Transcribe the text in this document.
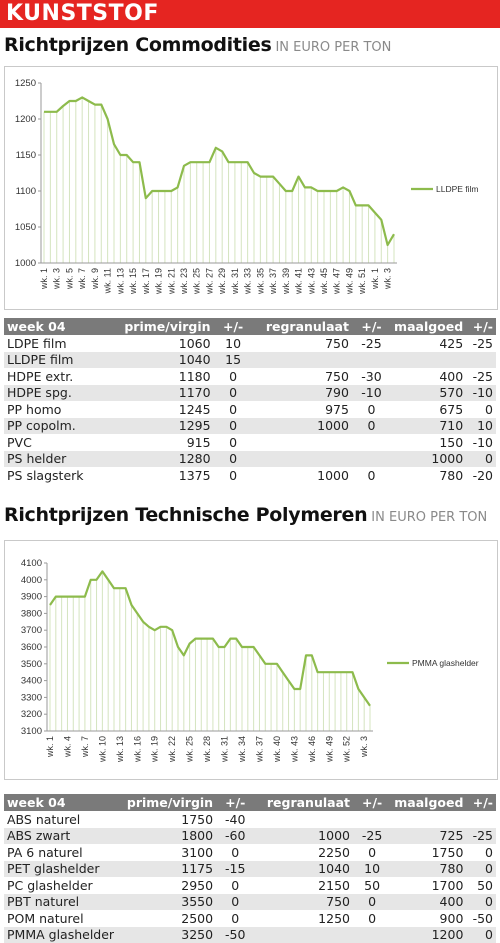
KUNSTSTOF
Richtprijzen Commodities IN EURO PER TON
1000
1050
1100
1150
1200
1250
wk. 1 wk. 3 wk. 5 wk. 7 wk. 9 wk. 11 wk. 13 wk. 15 wk. 17 wk. 19 wk. 21 wk. 23 wk. 25 wk. 27 wk. 29 wk. 31 wk. 33 wk. 35 wk. 37 wk. 39 wk. 41 wk. 43 wk. 45 wk. 47 wk. 49 wk. 51 wk. 1 wk. 3
LLDPE film
week 04	prime/virgin	+/-	regranulaat	+/-	maalgoed	+/-
LDPE film	1060	10	750	-25	425	-25
LLDPE film	1040	15				
HDPE extr.	1180	0	750	-30	400	-25
HDPE spg.	1170	0	790	-10	570	-10
PP homo	1245	0	975	0	675	0
PP copolm.	1295	0	1000	0	710	10
PVC	915	0			150	-10
PS helder	1280	0			1000	0
PS slagsterk	1375	0	1000	0	780	-20
Richtprijzen Technische Polymeren IN EURO PER TON
3100
3200
3300
3400
3500
3600
3700
3800
3900
4000
4100
wk. 1 wk. 4 wk. 7 wk. 10 wk. 13 wk. 16 wk. 19 wk. 22 wk. 25 wk. 28 wk. 31 wk. 34 wk. 37 wk. 40 wk. 43 wk. 46 wk. 49 wk. 52 wk. 3
PMMA glashelder
week 04	prime/virgin	+/-	regranulaat	+/-	maalgoed	+/-
ABS naturel	1750	-40				
ABS zwart	1800	-60	1000	-25	725	-25
PA 6 naturel	3100	0	2250	0	1750	0
PET glashelder	1175	-15	1040	10	780	0
PC glashelder	2950	0	2150	50	1700	50
PBT naturel	3550	0	750	0	400	0
POM naturel	2500	0	1250	0	900	-50
PMMA glashelder	3250	-50			1200	0
